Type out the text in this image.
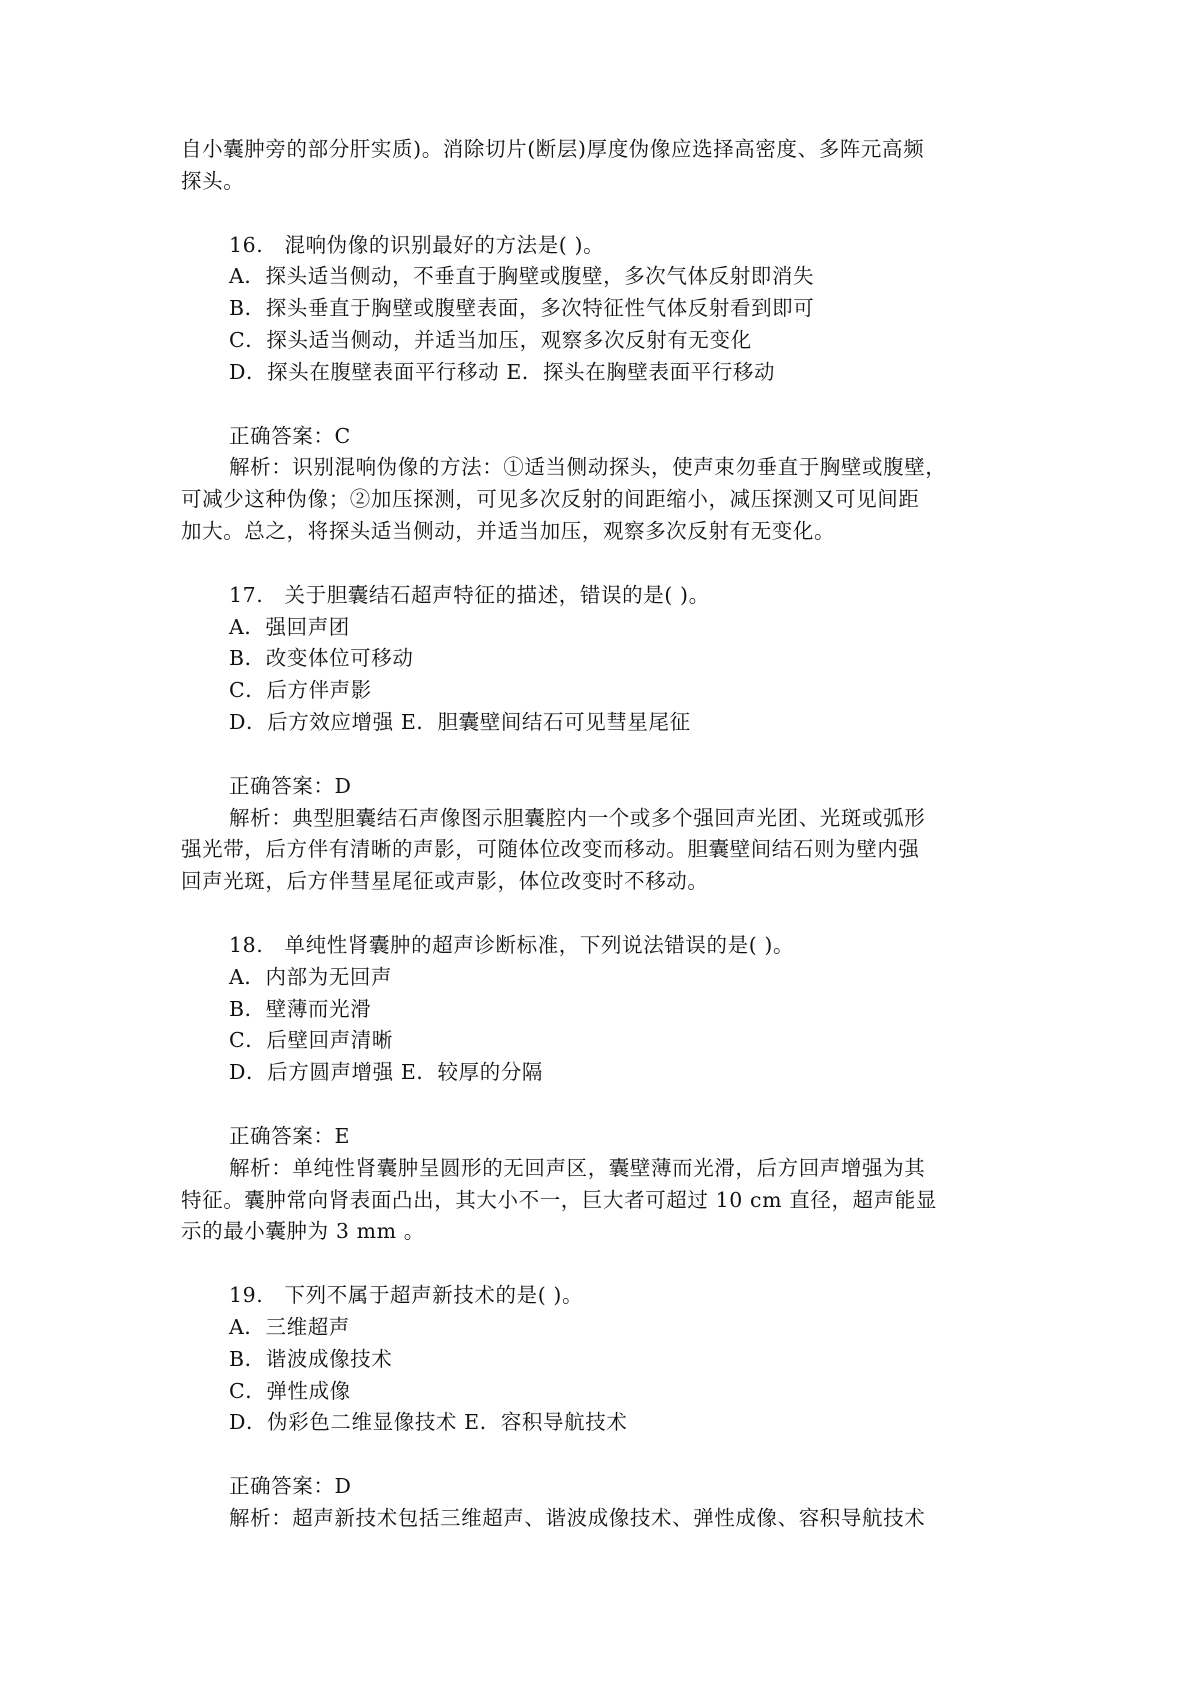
自小囊肿旁的部分肝实质)。消除切片(断层)厚度伪像应选择高密度、多阵元高频
探头。
16.　混响伪像的识别最好的方法是( )。
A．探头适当侧动，不垂直于胸壁或腹壁，多次气体反射即消失
B．探头垂直于胸壁或腹壁表面，多次特征性气体反射看到即可
C．探头适当侧动，并适当加压，观察多次反射有无变化
D．探头在腹壁表面平行移动 E．探头在胸壁表面平行移动
正确答案：C
解析：识别混响伪像的方法：①适当侧动探头，使声束勿垂直于胸壁或腹壁，
可减少这种伪像；②加压探测，可见多次反射的间距缩小，减压探测又可见间距
加大。总之，将探头适当侧动，并适当加压，观察多次反射有无变化。
17.　关于胆囊结石超声特征的描述，错误的是( )。
A．强回声团
B．改变体位可移动
C．后方伴声影
D．后方效应增强 E．胆囊壁间结石可见彗星尾征
正确答案：D
解析：典型胆囊结石声像图示胆囊腔内一个或多个强回声光团、光斑或弧形
强光带，后方伴有清晰的声影，可随体位改变而移动。胆囊壁间结石则为壁内强
回声光斑，后方伴彗星尾征或声影，体位改变时不移动。
18.　单纯性肾囊肿的超声诊断标准，下列说法错误的是( )。
A．内部为无回声
B．壁薄而光滑
C．后壁回声清晰
D．后方圆声增强 E．较厚的分隔
正确答案：E
解析：单纯性肾囊肿呈圆形的无回声区，囊壁薄而光滑，后方回声增强为其
特征。囊肿常向肾表面凸出，其大小不一，巨大者可超过 10 cm 直径，超声能显
示的最小囊肿为 3 mm 。
19.　下列不属于超声新技术的是( )。
A．三维超声
B．谐波成像技术
C．弹性成像
D．伪彩色二维显像技术 E．容积导航技术
正确答案：D
解析：超声新技术包括三维超声、谐波成像技术、弹性成像、容积导航技术
